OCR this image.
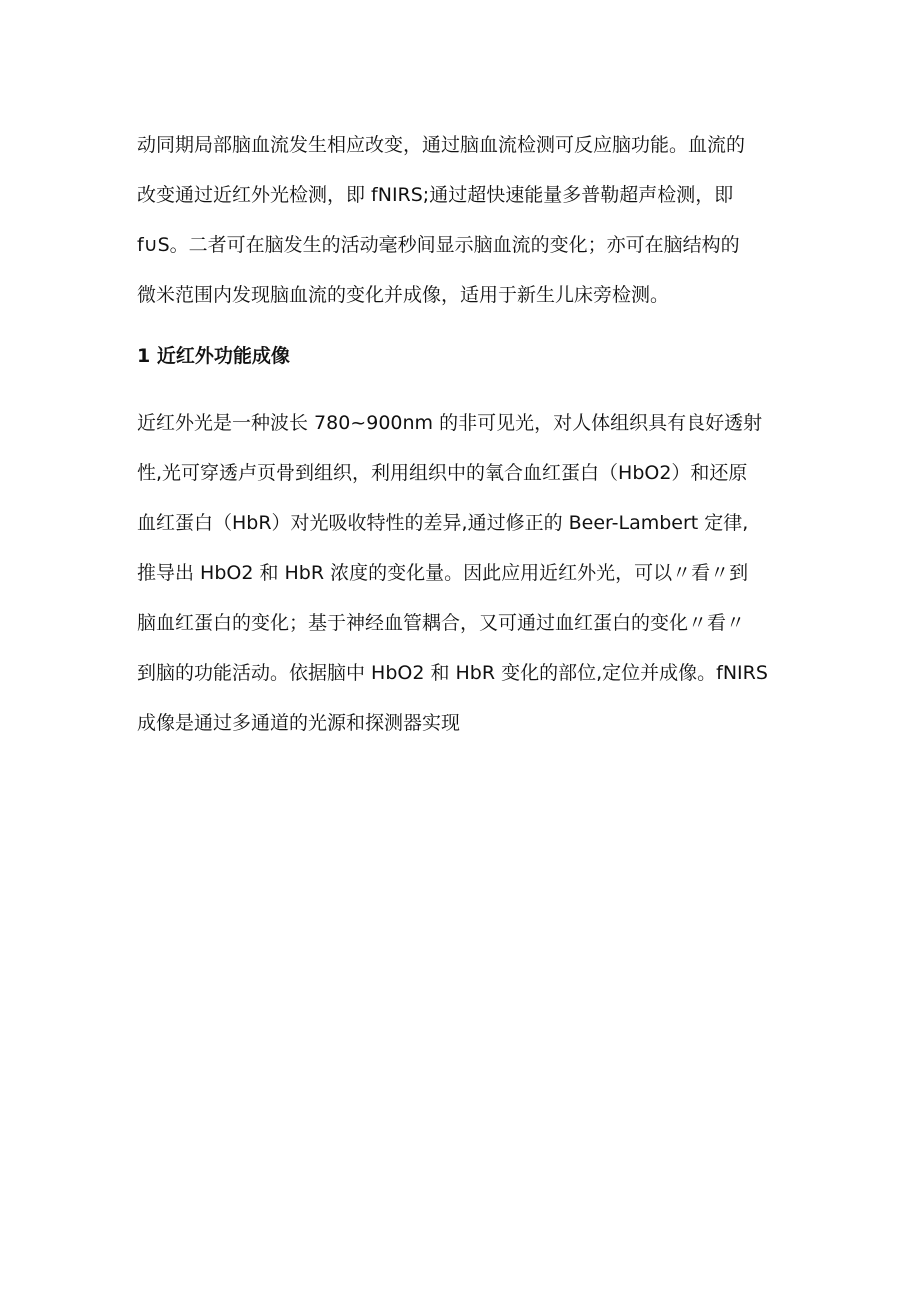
动同期局部脑血流发生相应改变，通过脑血流检测可反应脑功能。血流的
改变通过近红外光检测，即 fNIRS;通过超快速能量多普勒超声检测，即
f∪S。二者可在脑发生的活动毫秒间显示脑血流的变化；亦可在脑结构的
微米范围内发现脑血流的变化并成像，适用于新生儿床旁检测。
1 近红外功能成像
近红外光是一种波长 780~900nm 的非可见光，对人体组织具有良好透射
性,光可穿透卢页骨到组织，利用组织中的氧合血红蛋白（HbO2）和还原
血红蛋白（HbR）对光吸收特性的差异,通过修正的 Beer-Lambert 定律,
推导出 HbO2 和 HbR 浓度的变化量。因此应用近红外光，可以〃看〃到
脑血红蛋白的变化；基于神经血管耦合，又可通过血红蛋白的变化〃看〃
到脑的功能活动。依据脑中 HbO2 和 HbR 变化的部位,定位并成像。fNIRS
成像是通过多通道的光源和探测器实现
